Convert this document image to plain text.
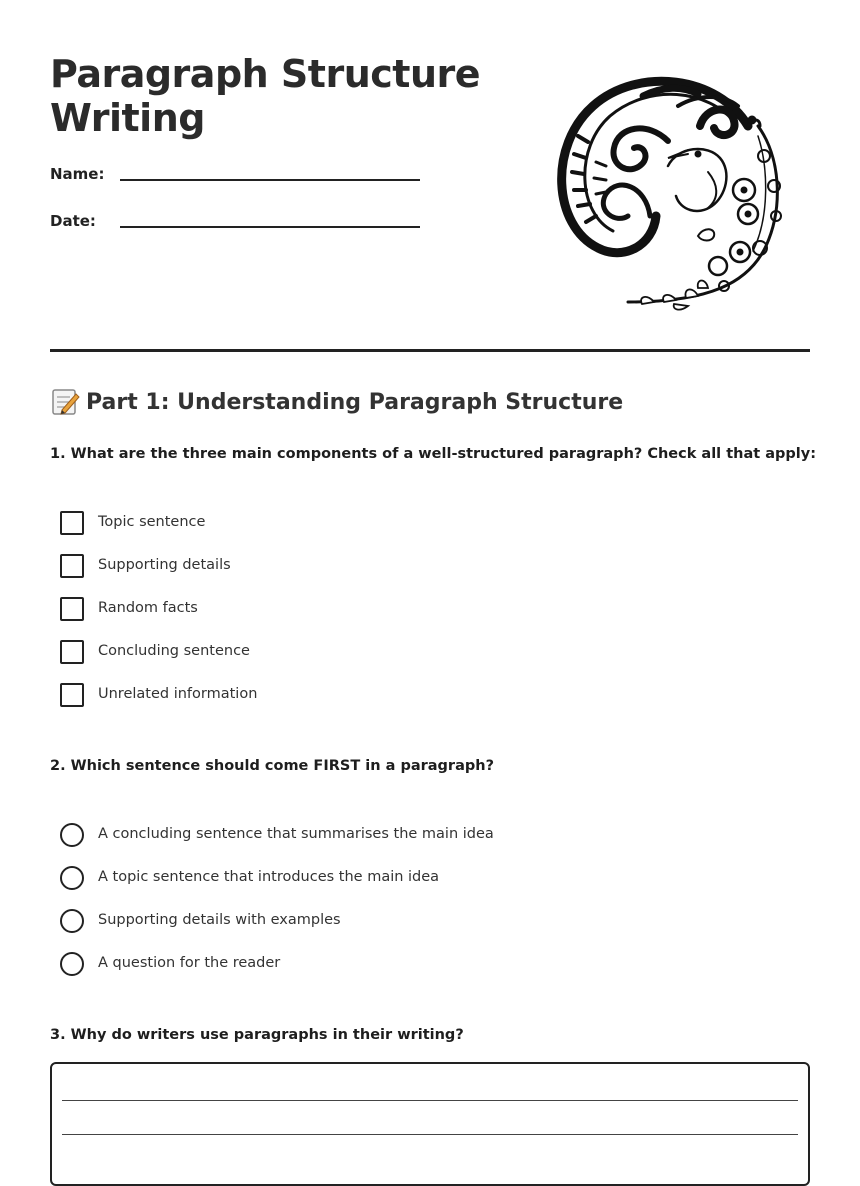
Paragraph Structure Writing
Name:
Date:
Part 1: Understanding Paragraph Structure

1. What are the three main components of a well-structured paragraph? Check all that apply:

Topic sentence
Supporting details
Random facts
Concluding sentence
Unrelated information

2. Which sentence should come FIRST in a paragraph?

A concluding sentence that summarises the main idea
A topic sentence that introduces the main idea
Supporting details with examples
A question for the reader

3. Why do writers use paragraphs in their writing?
